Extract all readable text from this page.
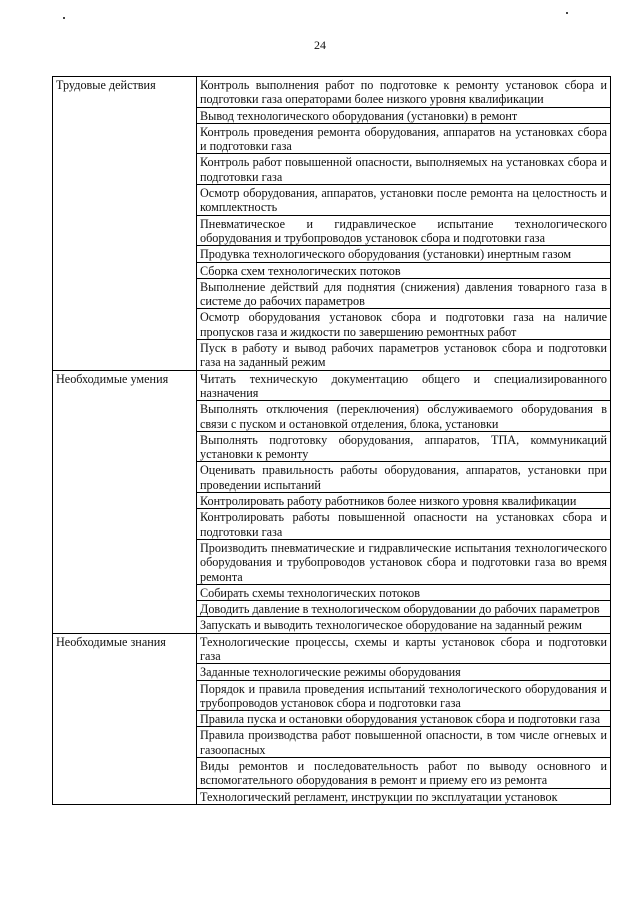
24
Трудовые действия	Контроль выполнения работ по подготовке к ремонту установок сбора и подготовки газа операторами более низкого уровня квалификации
	Вывод технологического оборудования (установки) в ремонт
	Контроль проведения ремонта оборудования, аппаратов на установках сбора и подготовки газа
	Контроль работ повышенной опасности, выполняемых на установках сбора и подготовки газа
	Осмотр оборудования, аппаратов, установки после ремонта на целостность и комплектность
	Пневматическое и гидравлическое испытание технологического оборудования и трубопроводов установок сбора и подготовки газа
	Продувка технологического оборудования (установки) инертным газом
	Сборка схем технологических потоков
	Выполнение действий для поднятия (снижения) давления товарного газа в системе до рабочих параметров
	Осмотр оборудования установок сбора и подготовки газа на наличие пропусков газа и жидкости по завершению ремонтных работ
	Пуск в работу и вывод рабочих параметров установок сбора и подготовки газа на заданный режим
Необходимые умения	Читать техническую документацию общего и специализированного назначения
	Выполнять отключения (переключения) обслуживаемого оборудования в связи с пуском и остановкой отделения, блока, установки
	Выполнять подготовку оборудования, аппаратов, ТПА, коммуникаций установки к ремонту
	Оценивать правильность работы оборудования, аппаратов, установки при проведении испытаний
	Контролировать работу работников более низкого уровня квалификации
	Контролировать работы повышенной опасности на установках сбора и подготовки газа
	Производить пневматические и гидравлические испытания технологического оборудования и трубопроводов установок сбора и подготовки газа во время ремонта
	Собирать схемы технологических потоков
	Доводить давление в технологическом оборудовании до рабочих параметров
	Запускать и выводить технологическое оборудование на заданный режим
Необходимые знания	Технологические процессы, схемы и карты установок сбора и подготовки газа
	Заданные технологические режимы оборудования
	Порядок и правила проведения испытаний технологического оборудования и трубопроводов установок сбора и подготовки газа
	Правила пуска и остановки оборудования установок сбора и подготовки газа
	Правила производства работ повышенной опасности, в том числе огневых и газоопасных
	Виды ремонтов и последовательность работ по выводу основного и вспомогательного оборудования в ремонт и приему его из ремонта
	Технологический регламент, инструкции по эксплуатации установок
